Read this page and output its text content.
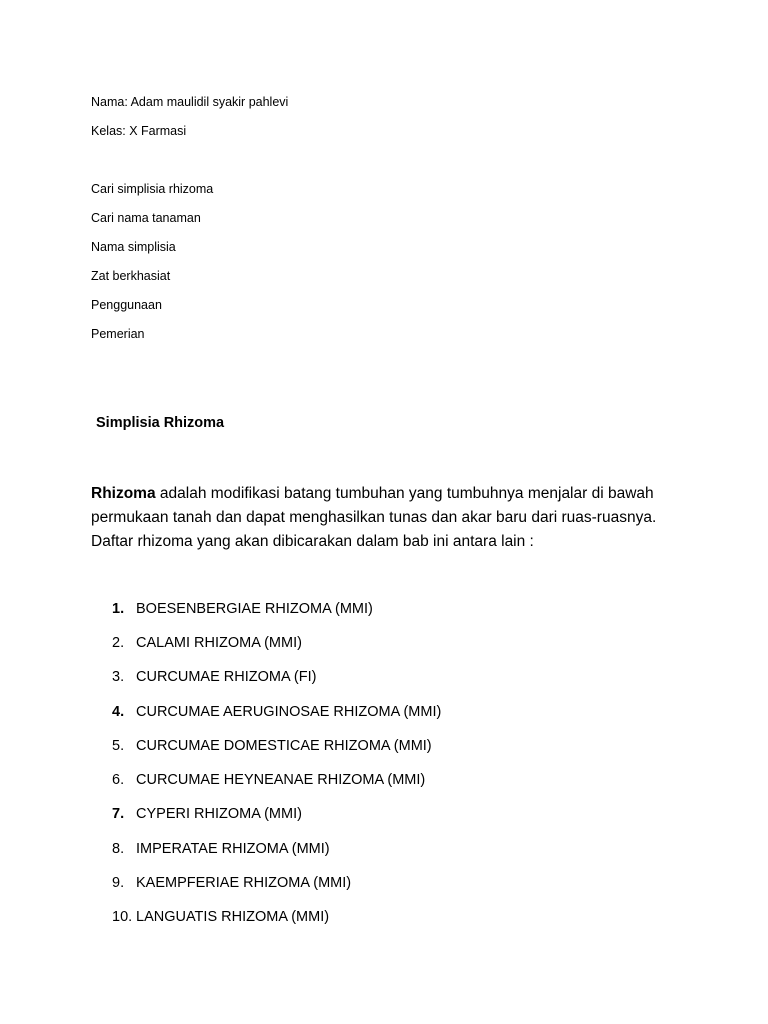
Nama: Adam maulidil syakir pahlevi
Kelas: X Farmasi
Cari simplisia rhizoma
Cari nama tanaman
Nama simplisia
Zat berkhasiat
Penggunaan
Pemerian
Simplisia Rhizoma
Rhizoma adalah modifikasi batang tumbuhan yang tumbuhnya menjalar di bawah
permukaan tanah dan dapat menghasilkan tunas dan akar baru dari ruas-ruasnya.
Daftar rhizoma yang akan dibicarakan dalam bab ini antara lain :
1. BOESENBERGIAE RHIZOMA (MMI)
2. CALAMI RHIZOMA (MMI)
3. CURCUMAE RHIZOMA (FI)
4. CURCUMAE AERUGINOSAE RHIZOMA (MMI)
5. CURCUMAE DOMESTICAE RHIZOMA (MMI)
6. CURCUMAE HEYNEANAE RHIZOMA (MMI)
7. CYPERI RHIZOMA (MMI)
8. IMPERATAE RHIZOMA (MMI)
9. KAEMPFERIAE RHIZOMA (MMI)
10. LANGUATIS RHIZOMA (MMI)
